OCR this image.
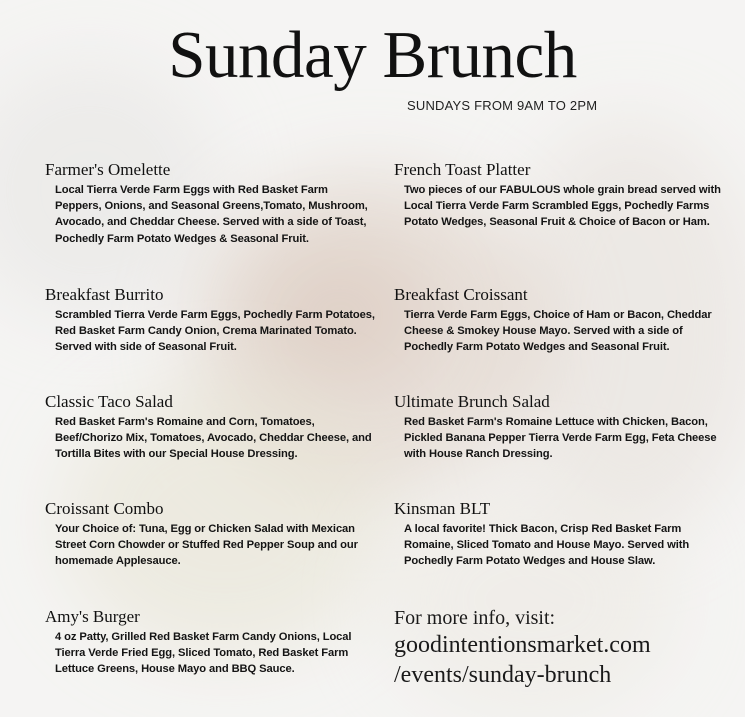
Sunday Brunch
SUNDAYS FROM 9AM TO 2PM
Farmer's Omelette

Local Tierra Verde Farm Eggs with Red Basket Farm Peppers, Onions, and Seasonal Greens,Tomato, Mushroom, Avocado, and Cheddar Cheese. Served with a side of Toast, Pochedly Farm Potato Wedges & Seasonal Fruit.

Breakfast Burrito

Scrambled Tierra Verde Farm Eggs, Pochedly Farm Potatoes, Red Basket Farm Candy Onion, Crema Marinated Tomato. Served with side of Seasonal Fruit.

Classic Taco Salad

Red Basket Farm's Romaine and Corn, Tomatoes, Beef/Chorizo Mix, Tomatoes, Avocado, Cheddar Cheese, and Tortilla Bites with our Special House Dressing.

Croissant Combo

Your Choice of: Tuna, Egg or Chicken Salad with Mexican Street Corn Chowder or Stuffed Red Pepper Soup and our homemade Applesauce.

Amy's Burger

4 oz Patty, Grilled Red Basket Farm Candy Onions, Local Tierra Verde Fried Egg, Sliced Tomato, Red Basket Farm Lettuce Greens, House Mayo and BBQ Sauce.

French Toast Platter

Two pieces of our FABULOUS whole grain bread served with Local Tierra Verde Farm Scrambled Eggs, Pochedly Farms Potato Wedges, Seasonal Fruit & Choice of Bacon or Ham.

Breakfast Croissant

Tierra Verde Farm Eggs, Choice of Ham or Bacon, Cheddar Cheese & Smokey House Mayo. Served with a side of Pochedly Farm Potato Wedges and Seasonal Fruit.

Ultimate Brunch Salad

Red Basket Farm's Romaine Lettuce with Chicken, Bacon, Pickled Banana Pepper Tierra Verde Farm Egg, Feta Cheese with House Ranch Dressing.

Kinsman BLT

A local favorite! Thick Bacon, Crisp Red Basket Farm Romaine, Sliced Tomato and House Mayo. Served with Pochedly Farm Potato Wedges and House Slaw.

For more info, visit:
goodintentionsmarket.com
/events/sunday-brunch
